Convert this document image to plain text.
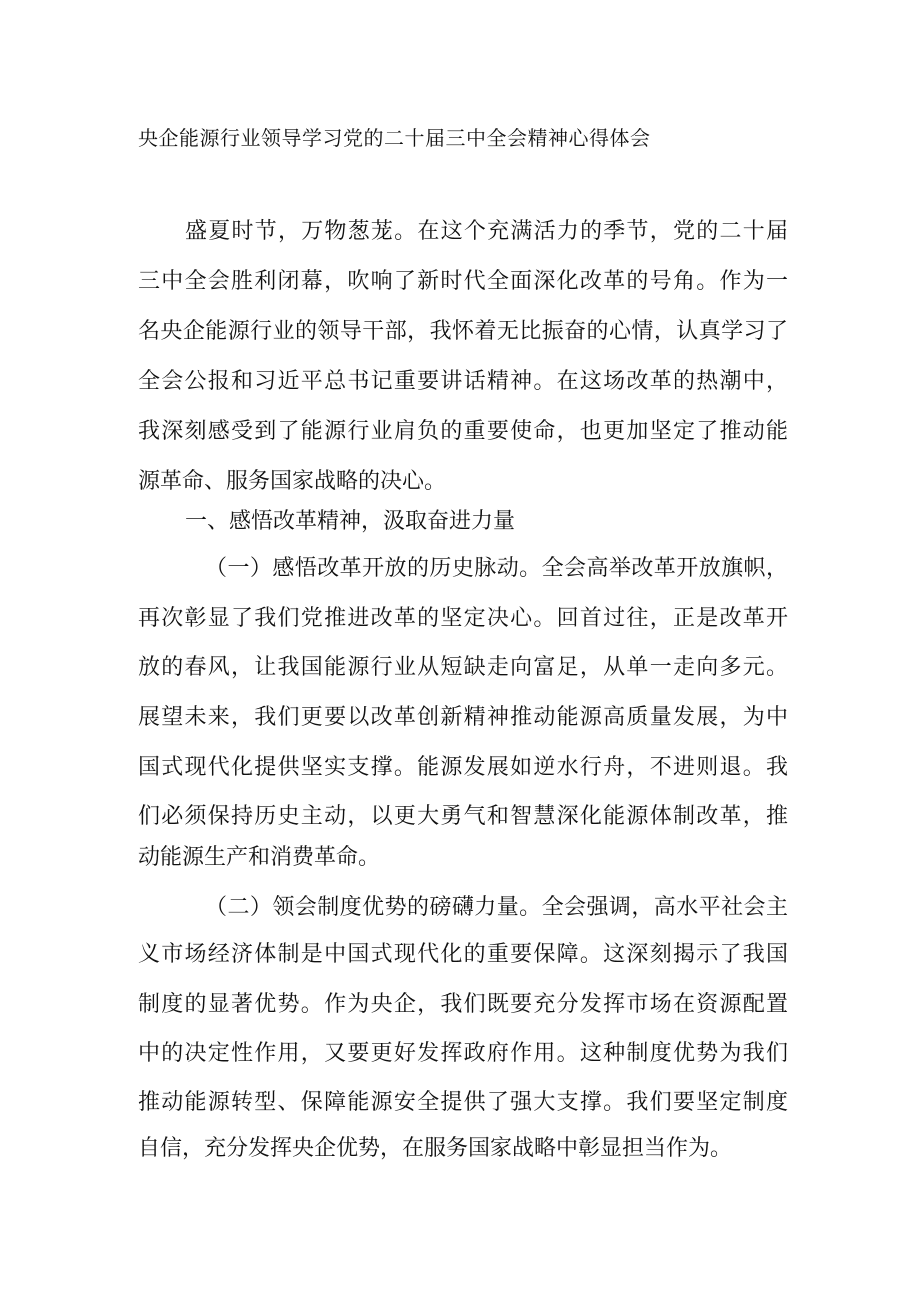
央企能源行业领导学习党的二十届三中全会精神心得体会

盛夏时节，万物葱茏。在这个充满活力的季节，党的二十届

三中全会胜利闭幕，吹响了新时代全面深化改革的号角。作为一

名央企能源行业的领导干部，我怀着无比振奋的心情，认真学习了

全会公报和习近平总书记重要讲话精神。在这场改革的热潮中，

我深刻感受到了能源行业肩负的重要使命，也更加坚定了推动能

源革命、服务国家战略的决心。

一、感悟改革精神，汲取奋进力量

（一）感悟改革开放的历史脉动。全会高举改革开放旗帜，

再次彰显了我们党推进改革的坚定决心。回首过往，正是改革开

放的春风，让我国能源行业从短缺走向富足，从单一走向多元。

展望未来，我们更要以改革创新精神推动能源高质量发展，为中

国式现代化提供坚实支撑。能源发展如逆水行舟，不进则退。我

们必须保持历史主动，以更大勇气和智慧深化能源体制改革，推

动能源生产和消费革命。

（二）领会制度优势的磅礴力量。全会强调，高水平社会主

义市场经济体制是中国式现代化的重要保障。这深刻揭示了我国

制度的显著优势。作为央企，我们既要充分发挥市场在资源配置

中的决定性作用，又要更好发挥政府作用。这种制度优势为我们

推动能源转型、保障能源安全提供了强大支撑。我们要坚定制度

自信，充分发挥央企优势，在服务国家战略中彰显担当作为。
